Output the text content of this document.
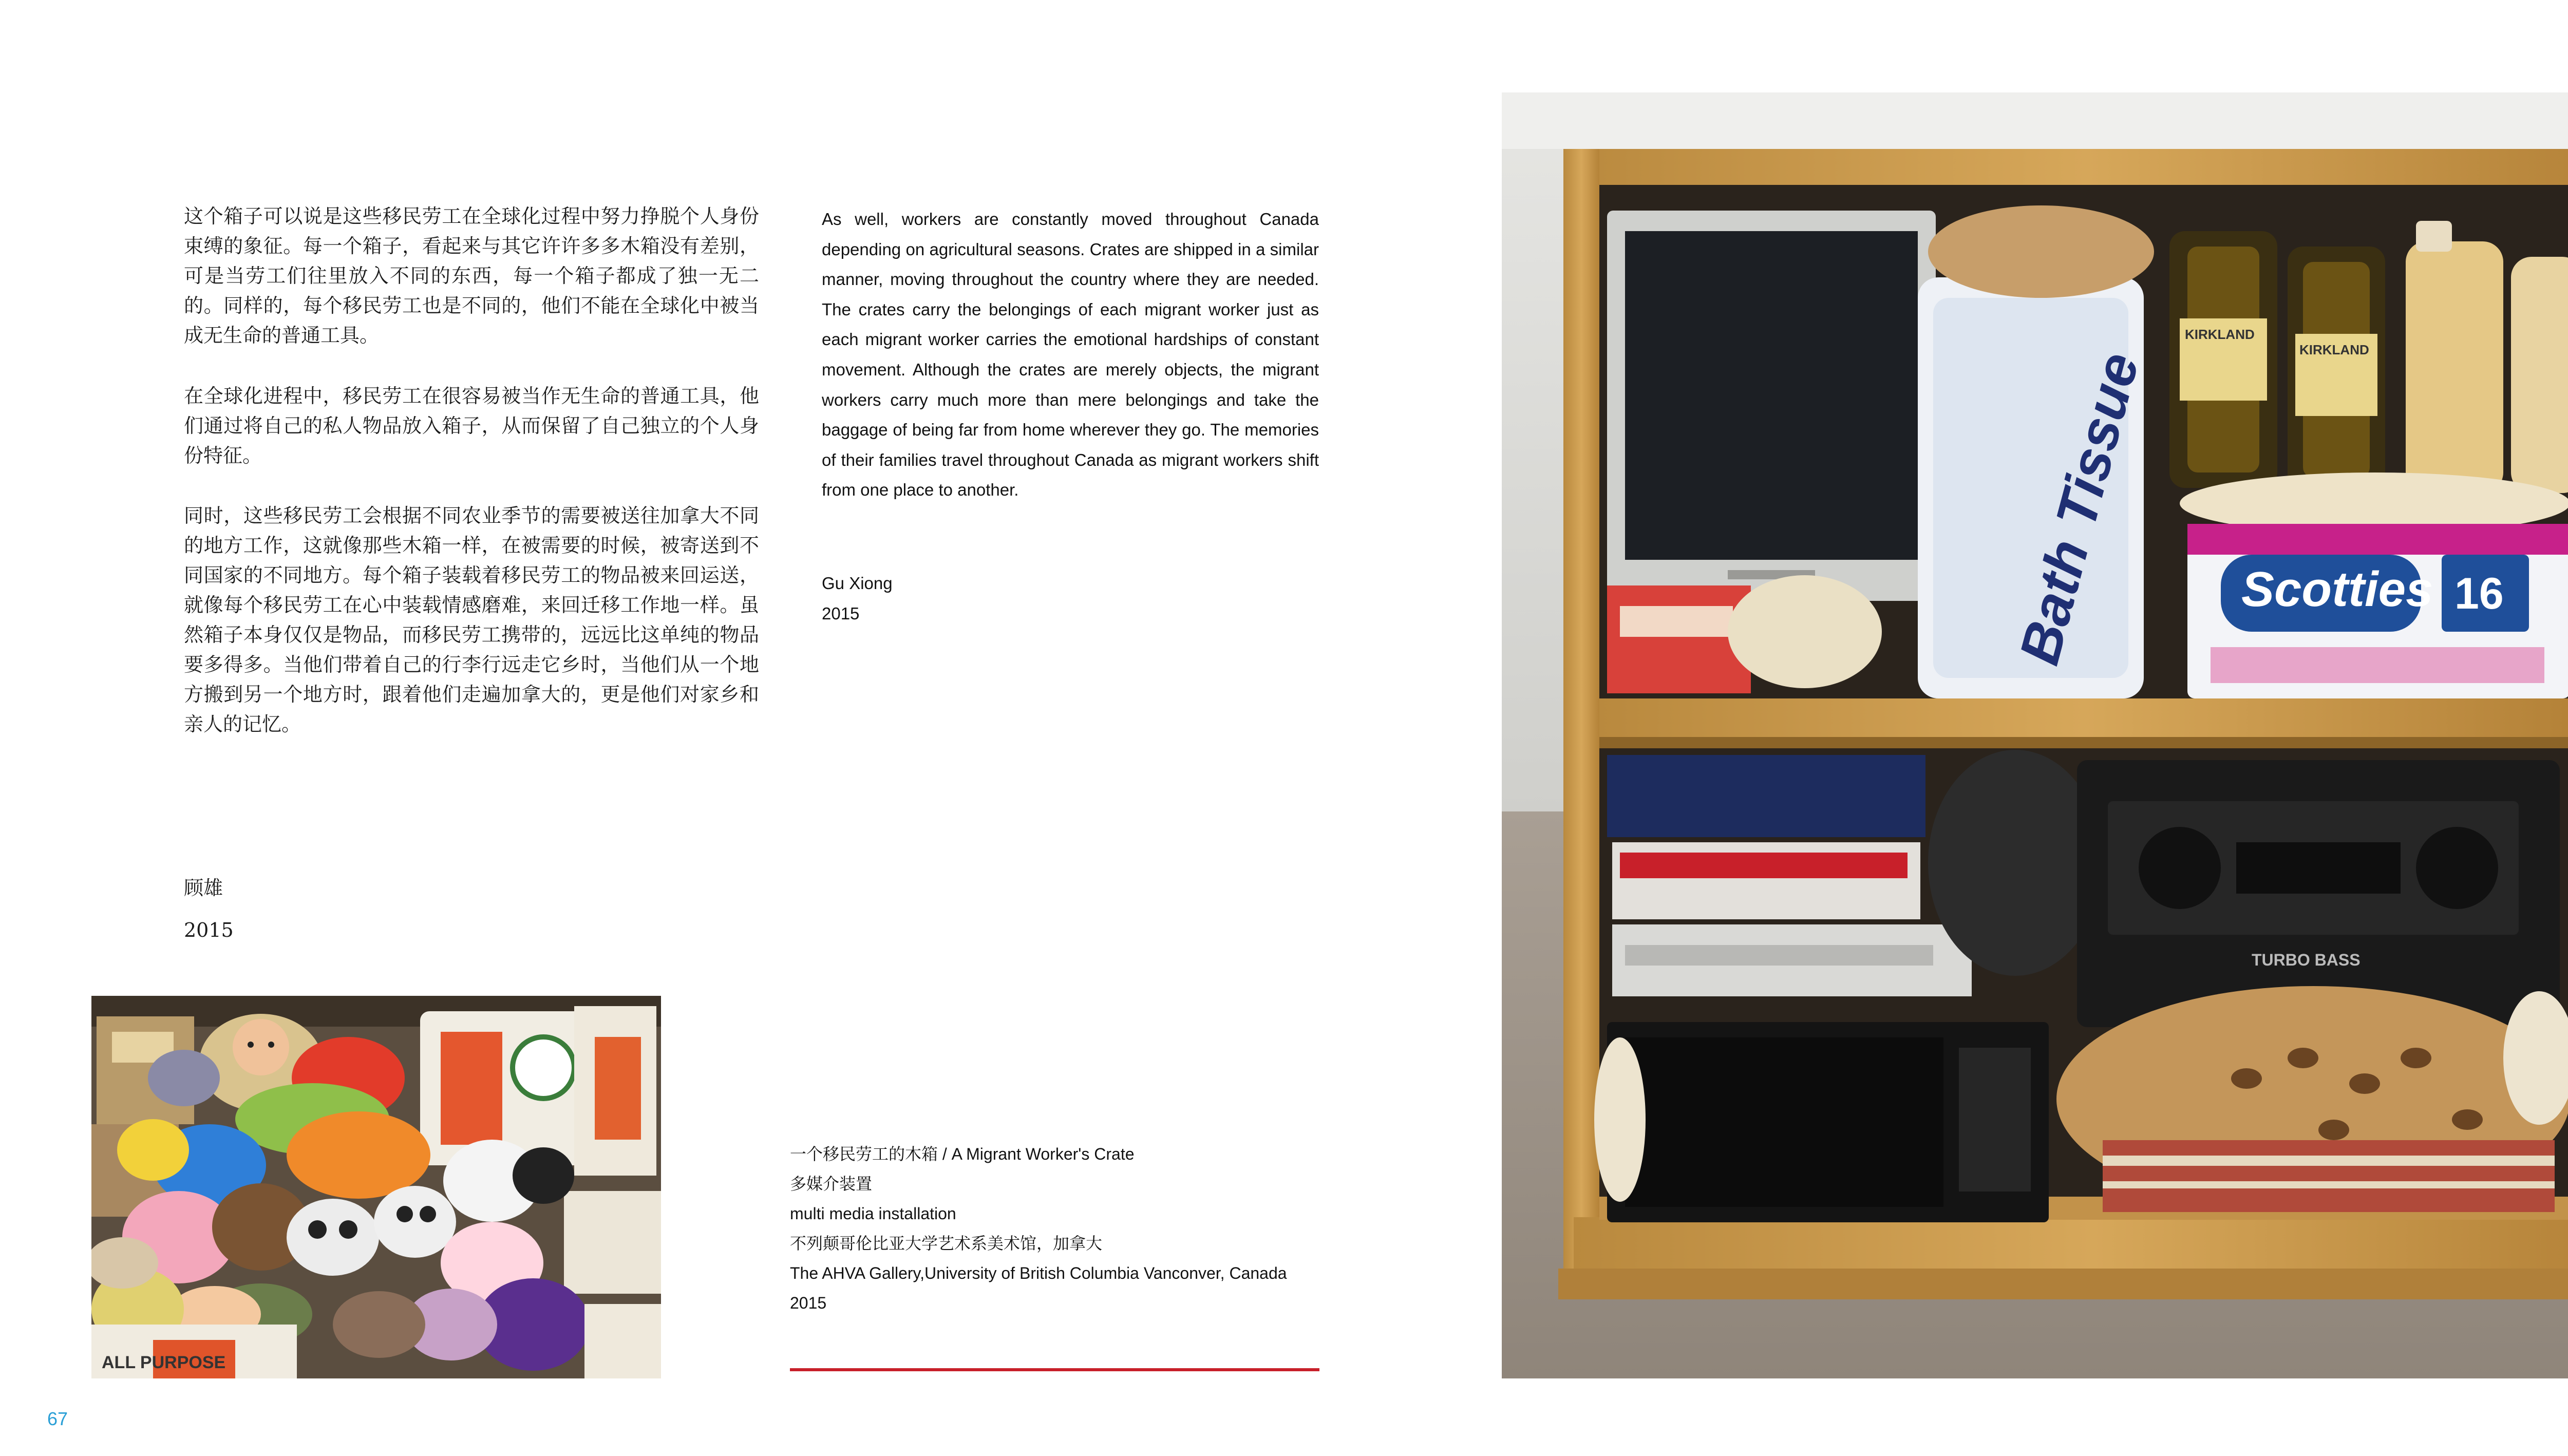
这个箱子可以说是这些移民劳工在全球化过程中努力挣脱个人身份束缚的象征。每一个箱子，看起来与其它许许多多木箱没有差别，可是当劳工们往里放入不同的东西，每一个箱子都成了独一无二的。同样的，每个移民劳工也是不同的，他们不能在全球化中被当成无生命的普通工具。

在全球化进程中，移民劳工在很容易被当作无生命的普通工具，他们通过将自己的私人物品放入箱子，从而保留了自己独立的个人身份特征。

同时，这些移民劳工会根据不同农业季节的需要被送往加拿大不同的地方工作，这就像那些木箱一样，在被需要的时候，被寄送到不同国家的不同地方。每个箱子装载着移民劳工的物品被来回运送，就像每个移民劳工在心中装载情感磨难，来回迁移工作地一样。虽然箱子本身仅仅是物品，而移民劳工携带的，远远比这单纯的物品要多得多。当他们带着自己的行李行远走它乡时，当他们从一个地方搬到另一个地方时，跟着他们走遍加拿大的，更是他们对家乡和亲人的记忆。

顾雄
2015
ALL PURPOSE
67

As well, workers are constantly moved throughout Canada depending on agricultural seasons. Crates are shipped in a similar manner, moving throughout the country where they are needed. The crates carry the belongings of each migrant worker just as each migrant worker carries the emotional hardships of constant movement. Although the crates are merely objects, the migrant workers carry much more than mere belongings and take the baggage of being far from home wherever they go. The memories of their families travel throughout Canada as migrant workers shift from one place to another.

Gu Xiong
2015
一个移民劳工的木箱 / A Migrant Worker's Crate
多媒介装置
multi media installation
不列颠哥伦比亚大学艺术系美术馆，加拿大
The AHVA Gallery,University of British Columbia Vanconver, Canada
2015
Bath Tissue
KIRKLAND
KIRKLAND
Scotties 16
TURBO BASS
